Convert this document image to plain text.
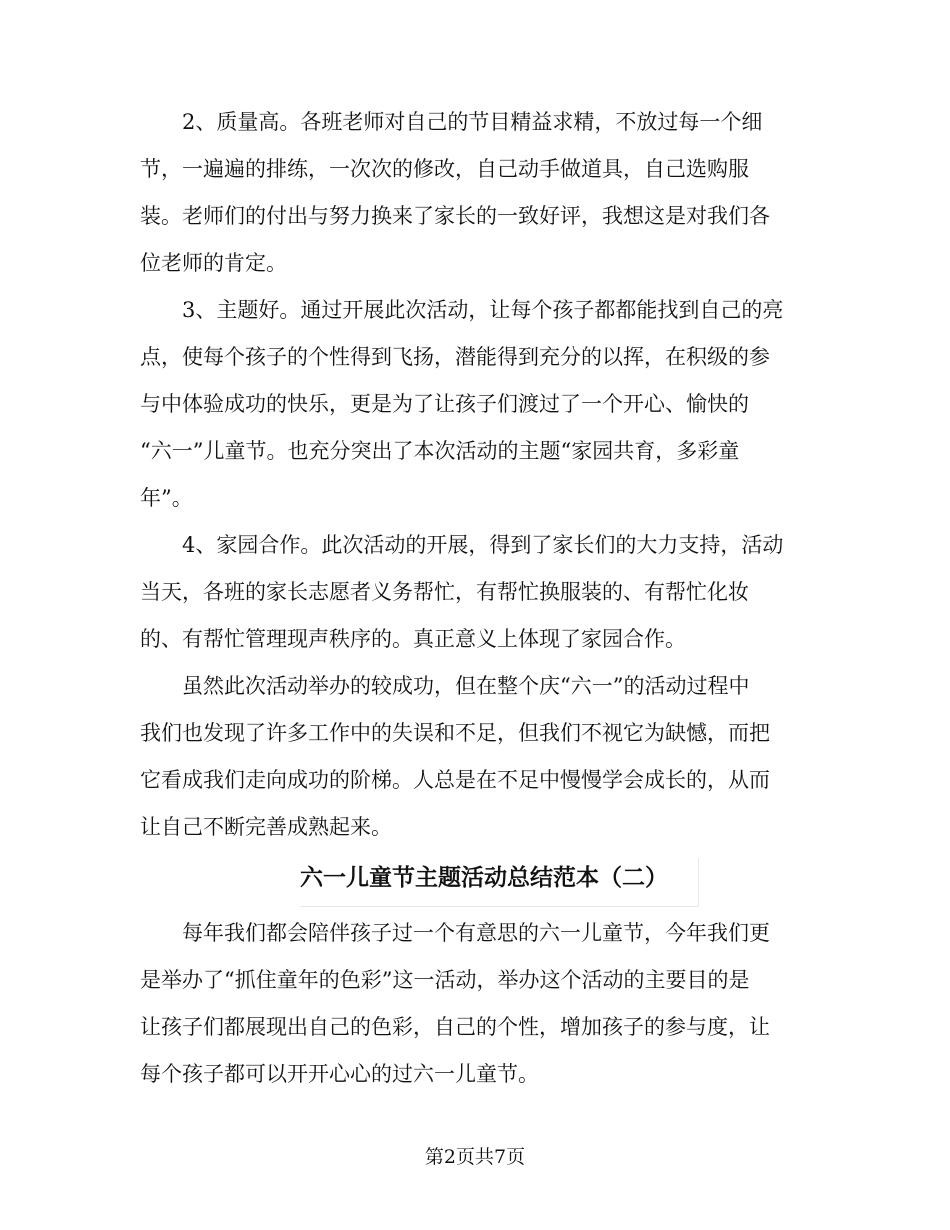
　　2、质量高。各班老师对自己的节目精益求精，不放过每一个细

节，一遍遍的排练，一次次的修改，自己动手做道具，自己选购服

装。老师们的付出与努力换来了家长的一致好评，我想这是对我们各

位老师的肯定。

　　3、主题好。通过开展此次活动，让每个孩子都都能找到自己的亮

点，使每个孩子的个性得到飞扬，潜能得到充分的以挥，在积级的参

与中体验成功的快乐，更是为了让孩子们渡过了一个开心、愉快的

“六一”儿童节。也充分突出了本次活动的主题“家园共育，多彩童

年”。

　　4、家园合作。此次活动的开展，得到了家长们的大力支持，活动

当天，各班的家长志愿者义务帮忙，有帮忙换服装的、有帮忙化妆

的、有帮忙管理现声秩序的。真正意义上体现了家园合作。

　　虽然此次活动举办的较成功，但在整个庆“六一”的活动过程中

我们也发现了许多工作中的失误和不足，但我们不视它为缺憾，而把

它看成我们走向成功的阶梯。人总是在不足中慢慢学会成长的，从而

让自己不断完善成熟起来。

六一儿童节主题活动总结范本（二）

　　每年我们都会陪伴孩子过一个有意思的六一儿童节，今年我们更

是举办了“抓住童年的色彩”这一活动，举办这个活动的主要目的是

让孩子们都展现出自己的色彩，自己的个性，增加孩子的参与度，让

每个孩子都可以开开心心的过六一儿童节。

第2页共7页
